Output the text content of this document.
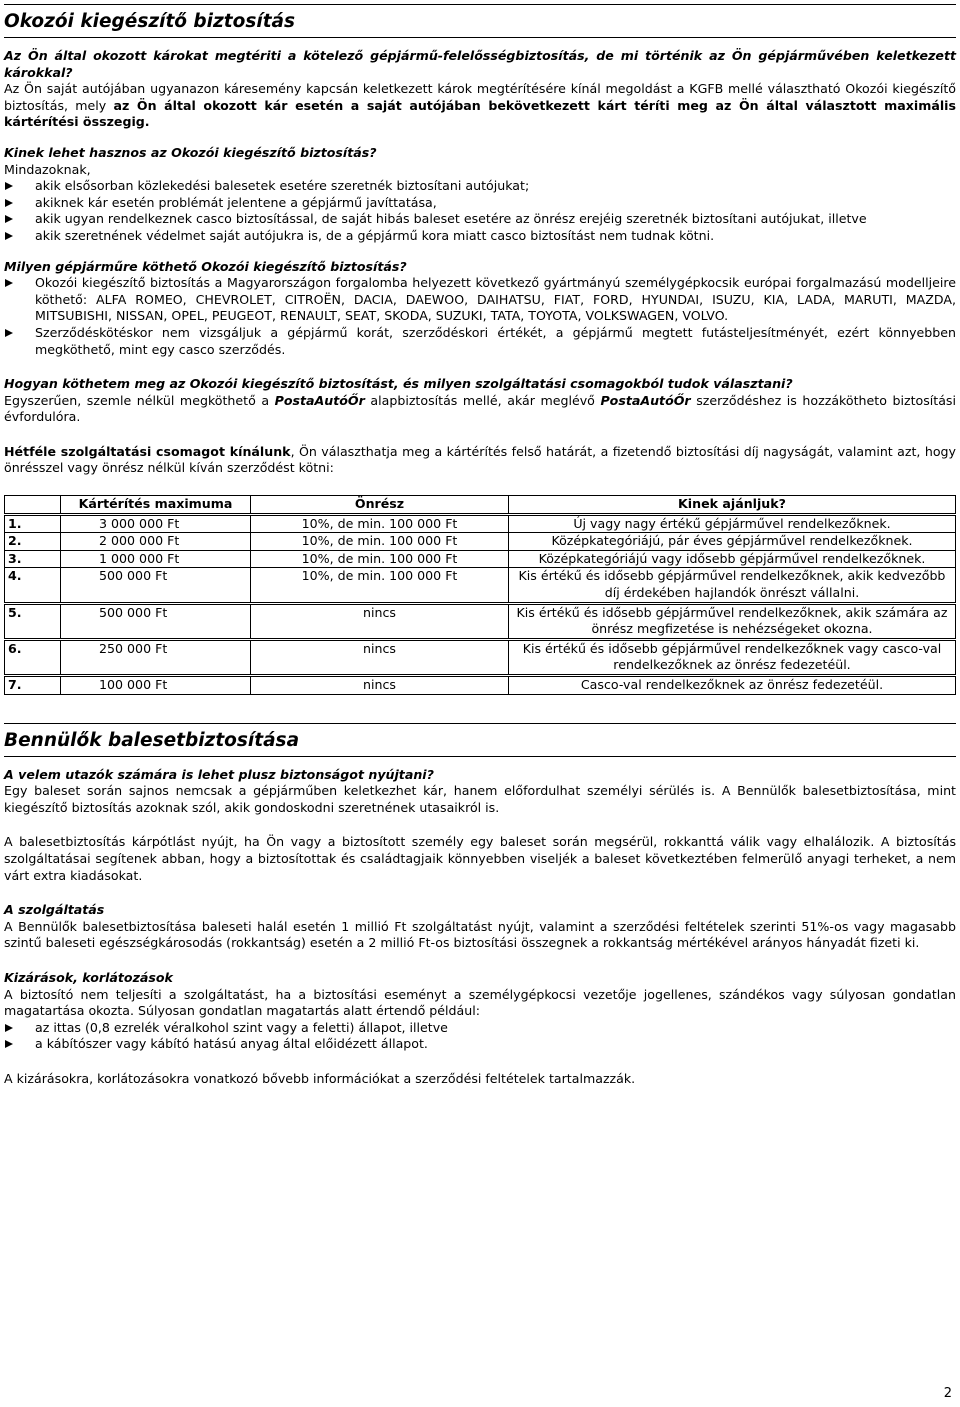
Okozói kiegészítő biztosítás

Az Ön által okozott károkat megtériti a kötelező gépjármű-felelősségbiztosítás, de mi történik az Ön gépjárművében keletkezett károkkal?

Az Ön saját autójában ugyanazon káresemény kapcsán keletkezett károk megtérítésére kínál megoldást a KGFB mellé választható Okozói kiegészítő biztosítás, mely az Ön által okozott kár esetén a saját autójában bekövetkezett kárt téríti meg az Ön által választott maximális kártérítési összegig.

Kinek lehet hasznos az Okozói kiegészítő biztosítás?

Mindazoknak,

akik elsősorban közlekedési balesetek esetére szeretnék biztosítani autójukat;
akiknek kár esetén problémát jelentene a gépjármű javíttatása,
akik ugyan rendelkeznek casco biztosítással, de saját hibás baleset esetére az önrész erejéig szeretnék biztosítani autójukat, illetve
akik szeretnének védelmet saját autójukra is, de a gépjármű kora miatt casco biztosítást nem tudnak kötni.

Milyen gépjárműre köthető Okozói kiegészítő biztosítás?

Okozói kiegészítő biztosítás a Magyarországon forgalomba helyezett következő gyártmányú személygépkocsik európai forgalmazású modelljeire köthető: ALFA ROMEO, CHEVROLET, CITROËN, DACIA, DAEWOO, DAIHATSU, FIAT, FORD, HYUNDAI, ISUZU, KIA, LADA, MARUTI, MAZDA, MITSUBISHI, NISSAN, OPEL, PEUGEOT, RENAULT, SEAT, SKODA, SUZUKI, TATA, TOYOTA, VOLKSWAGEN, VOLVO.
Szerződéskötéskor nem vizsgáljuk a gépjármű korát, szerződéskori értékét, a gépjármű megtett futásteljesítményét, ezért könnyebben megköthető, mint egy casco szerződés.

Hogyan köthetem meg az Okozói kiegészítő biztosítást, és milyen szolgáltatási csomagokból tudok választani?

Egyszerűen, szemle nélkül megköthető a PostaAutóŐr alapbiztosítás mellé, akár meglévő PostaAutóŐr szerződéshez is hozzákötheto biztosítási évfordulóra.

Hétféle szolgáltatási csomagot kínálunk, Ön választhatja meg a kártérítés felső határát, a fizetendő biztosítási díj nagyságát, valamint azt, hogy önrésszel vagy önrész nélkül kíván szerződést kötni:

	Kártérítés maximuma	Önrész	Kinek ajánljuk?
1.	3 000 000 Ft	10%, de min. 100 000 Ft	Új vagy nagy értékű gépjárművel rendelkezőknek.
2.	2 000 000 Ft	10%, de min. 100 000 Ft	Középkategóriájú, pár éves gépjárművel rendelkezőknek.
3.	1 000 000 Ft	10%, de min. 100 000 Ft	Középkategóriájú vagy idősebb gépjárművel rendelkezőknek.
4.	500 000 Ft	10%, de min. 100 000 Ft	Kis értékű és idősebb gépjárművel rendelkezőknek, akik kedvezőbb díj érdekében hajlandók önrészt vállalni.
5.	500 000 Ft	nincs	Kis értékű és idősebb gépjárművel rendelkezőknek, akik számára az önrész megfizetése is nehézségeket okozna.
6.	250 000 Ft	nincs	Kis értékű és idősebb gépjárművel rendelkezőknek vagy casco-val rendelkezőknek az önrész fedezetéül.
7.	100 000 Ft	nincs	Casco-val rendelkezőknek az önrész fedezetéül.
Bennülők balesetbiztosítása

A velem utazók számára is lehet plusz biztonságot nyújtani?

Egy baleset során sajnos nemcsak a gépjárműben keletkezhet kár, hanem előfordulhat személyi sérülés is. A Bennülők balesetbiztosítása, mint kiegészítő biztosítás azoknak szól, akik gondoskodni szeretnének utasaikról is.

A balesetbiztosítás kárpótlást nyújt, ha Ön vagy a biztosított személy egy baleset során megsérül, rokkanttá válik vagy elhalálozik. A biztosítás szolgáltatásai segítenek abban, hogy a biztosítottak és családtagjaik könnyebben viseljék a baleset következtében felmerülő anyagi terheket, a nem várt extra kiadásokat.

A szolgáltatás

A Bennülők balesetbiztosítása baleseti halál esetén 1 millió Ft szolgáltatást nyújt, valamint a szerződési feltételek szerinti 51%-os vagy magasabb szintű baleseti egészségkárosodás (rokkantság) esetén a 2 millió Ft-os biztosítási összegnek a rokkantság mértékével arányos hányadát fizeti ki.

Kizárások, korlátozások

A biztosító nem teljesíti a szolgáltatást, ha a biztosítási eseményt a személygépkocsi vezetője jogellenes, szándékos vagy súlyosan gondatlan magatartása okozta. Súlyosan gondatlan magatartás alatt értendő például:

az ittas (0,8 ezrelék véralkohol szint vagy a feletti) állapot, illetve
a kábítószer vagy kábító hatású anyag által előidézett állapot.

A kizárásokra, korlátozásokra vonatkozó bővebb információkat a szerződési feltételek tartalmazzák.

2
